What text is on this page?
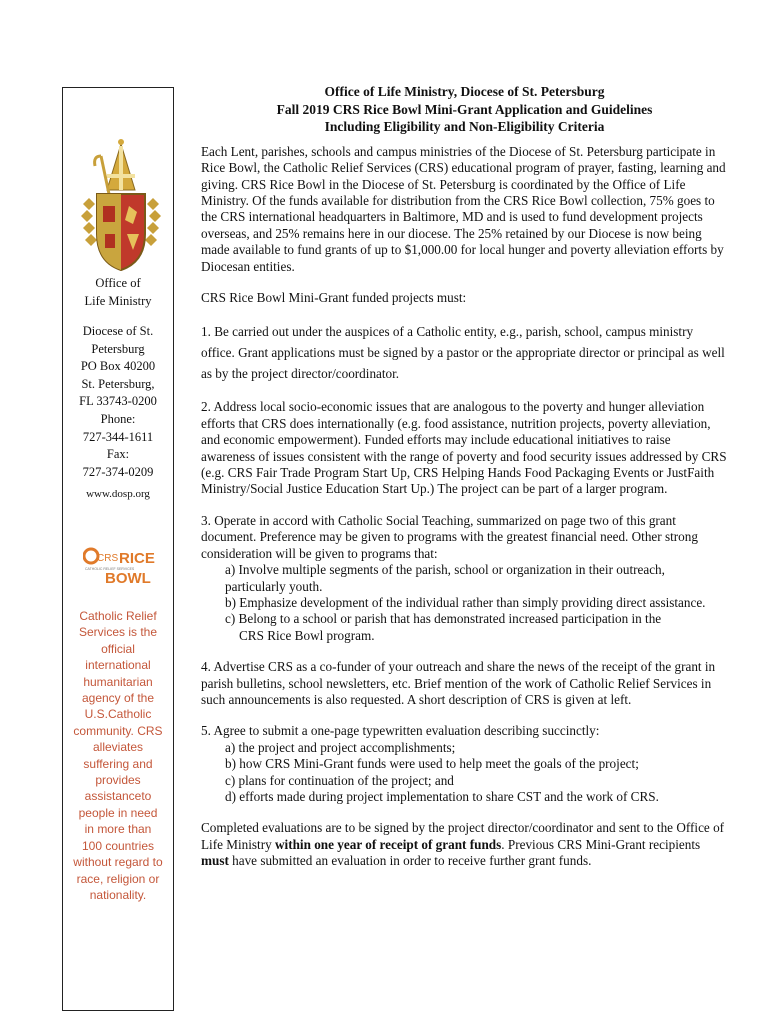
Office of
Life Ministry
Diocese of St.
Petersburg
PO Box 40200
St. Petersburg,
FL 33743-0200
Phone:
727-344-1611
Fax:
727-374-0209
www.dosp.org
CRS RICE
CATHOLIC RELIEF SERVICES
BOWL
Catholic Relief Services is the official international humanitarian agency of the U.S.Catholic community. CRS alleviates suffering and provides assistanceto people in need in more than 100 countries without regard to race, religion or nationality.
Office of Life Ministry, Diocese of St. Petersburg
Fall 2019 CRS Rice Bowl Mini-Grant Application and Guidelines
Including Eligibility and Non-Eligibility Criteria

Each Lent, parishes, schools and campus ministries of the Diocese of St. Petersburg participate in Rice Bowl, the Catholic Relief Services (CRS) educational program of prayer, fasting, learning and giving. CRS Rice Bowl in the Diocese of St. Petersburg is coordinated by the Office of Life Ministry. Of the funds available for distribution from the CRS Rice Bowl collection, 75% goes to the CRS international headquarters in Baltimore, MD and is used to fund development projects overseas, and 25% remains here in our diocese. The 25% retained by our Diocese is now being made available to fund grants of up to $1,000.00 for local hunger and poverty alleviation efforts by Diocesan entities.

CRS Rice Bowl Mini-Grant funded projects must:

1. Be carried out under the auspices of a Catholic entity, e.g., parish, school, campus ministry office. Grant applications must be signed by a pastor or the appropriate director or principal as well as by the project director/coordinator.

2. Address local socio-economic issues that are analogous to the poverty and hunger alleviation efforts that CRS does internationally (e.g. food assistance, nutrition projects, poverty alleviation, and economic empowerment). Funded efforts may include educational initiatives to raise awareness of issues consistent with the range of poverty and food security issues addressed by CRS (e.g. CRS Fair Trade Program Start Up, CRS Helping Hands Food Packaging Events or JustFaith Ministry/Social Justice Education Start Up.) The project can be part of a larger program.

3. Operate in accord with Catholic Social Teaching, summarized on page two of this grant document. Preference may be given to programs with the greatest financial need. Other strong consideration will be given to programs that:

a) Involve multiple segments of the parish, school or organization in their outreach, particularly youth.
b) Emphasize development of the individual rather than simply providing direct assistance.
c) Belong to a school or parish that has demonstrated increased participation in the
CRS Rice Bowl program.

4. Advertise CRS as a co-funder of your outreach and share the news of the receipt of the grant in parish bulletins, school newsletters, etc. Brief mention of the work of Catholic Relief Services in such announcements is also requested. A short description of CRS is given at left.

5. Agree to submit a one-page typewritten evaluation describing succinctly:

a) the project and project accomplishments;
b) how CRS Mini-Grant funds were used to help meet the goals of the project;
c) plans for continuation of the project; and
d) efforts made during project implementation to share CST and the work of CRS.

Completed evaluations are to be signed by the project director/coordinator and sent to the Office of Life Ministry within one year of receipt of grant funds. Previous CRS Mini-Grant recipients must have submitted an evaluation in order to receive further grant funds.
